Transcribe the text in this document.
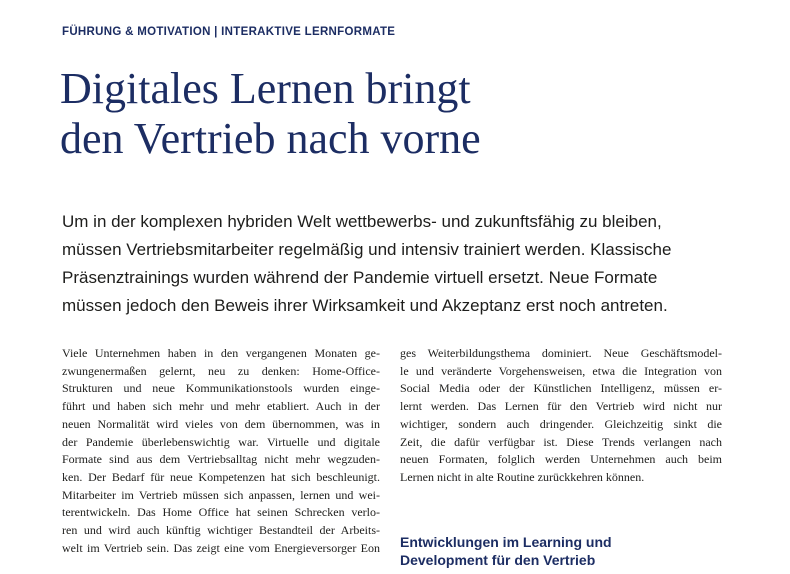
FÜHRUNG & MOTIVATION | INTERAKTIVE LERNFORMATE
Digitales Lernen bringt
den Vertrieb nach vorne
Um in der komplexen hybriden Welt wettbewerbs- und zukunftsfähig zu bleiben,
müssen Vertriebsmitarbeiter regelmäßig und intensiv trainiert werden. Klassische
Präsenztrainings wurden während der Pandemie virtuell ersetzt. Neue Formate
müssen jedoch den Beweis ihrer Wirksamkeit und Akzeptanz erst noch antreten.
Viele Unternehmen haben in den vergangenen Monaten ge-
zwungenermaßen gelernt, neu zu denken: Home-Office-
Strukturen und neue Kommunikationstools wurden einge-
führt und haben sich mehr und mehr etabliert. Auch in der
neuen Normalität wird vieles von dem übernommen, was in
der Pandemie überlebenswichtig war. Virtuelle und digitale
Formate sind aus dem Vertriebsalltag nicht mehr wegzuden-
ken. Der Bedarf für neue Kompetenzen hat sich beschleunigt.
Mitarbeiter im Vertrieb müssen sich anpassen, lernen und wei-
terentwickeln. Das Home Office hat seinen Schrecken verlo-
ren und wird auch künftig wichtiger Bestandteil der Arbeits-
welt im Vertrieb sein. Das zeigt eine vom Energieversorger Eon
ges Weiterbildungsthema dominiert. Neue Geschäftsmodel-
le und veränderte Vorgehensweisen, etwa die Integration von
Social Media oder der Künstlichen Intelligenz, müssen er-
lernt werden. Das Lernen für den Vertrieb wird nicht nur
wichtiger, sondern auch dringender. Gleichzeitig sinkt die
Zeit, die dafür verfügbar ist. Diese Trends verlangen nach
neuen Formaten, folglich werden Unternehmen auch beim
Lernen nicht in alte Routine zurückkehren können.
Entwicklungen im Learning und
Development für den Vertrieb
